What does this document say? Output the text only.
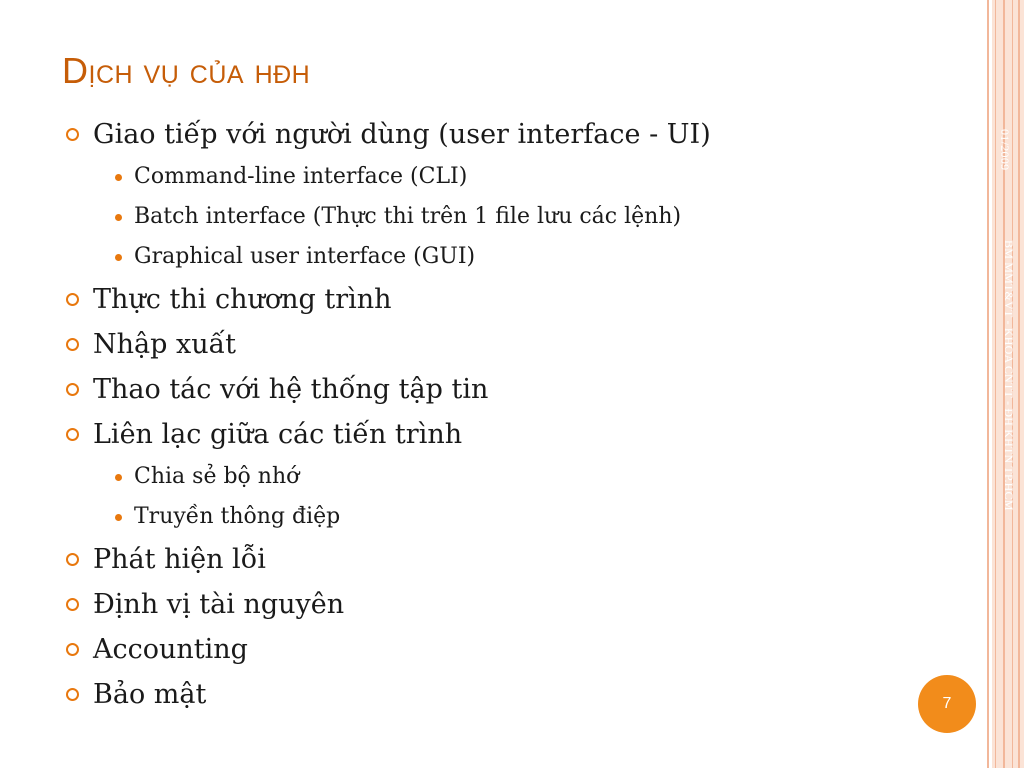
01/2009
BM MMT&VT - KHOA CNTT - ĐH KHTN TP.HCM
Dịch vụ của hđh
Giao tiếp với người dùng (user interface - UI)
Command-line interface (CLI)
Batch interface (Thực thi trên 1 file lưu các lệnh)
Graphical user interface (GUI)
Thực thi chương trình
Nhập xuất
Thao tác với hệ thống tập tin
Liên lạc giữa các tiến trình
Chia sẻ bộ nhớ
Truyền thông điệp
Phát hiện lỗi
Định vị tài nguyên
Accounting
Bảo mật	7
